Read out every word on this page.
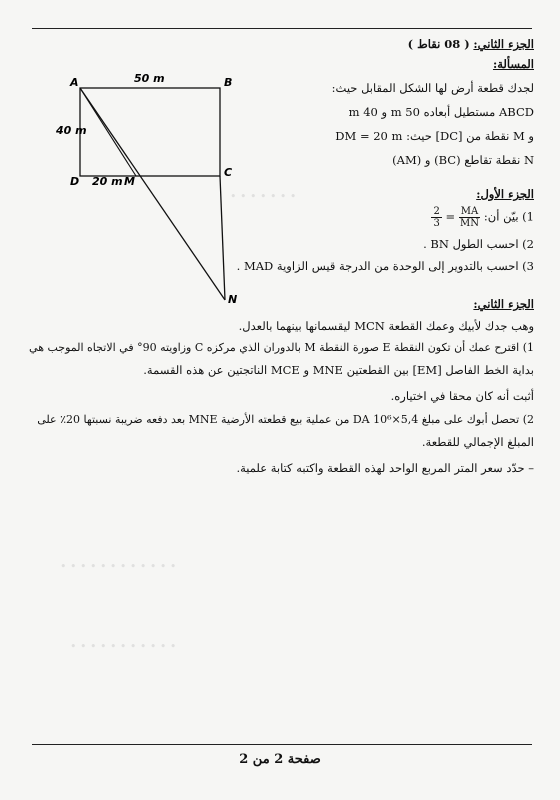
الجزء الثاني: ( 08 نقاط )
المسألة:
لجدك قطعة أرض لها الشكل المقابل حيث:
ABCD مستطيل أبعاده 50 m و 40 m
و M نقطة من [DC] حيث: DM = 20 m
N نقطة تقاطع (BC) و (AM)
• • • • • • •
• • • • • • • • • • • •
• • • • • • • • • • •
A	B
C
D	M
N
50 m
40 m
20 m
الجزء الأول:
1) بيّن أن:
$\frac{MA}{MN}$
=
$\frac{2}{3}$
2) احسب الطول BN .
3) احسب بالتدوير إلى الوحدة من الدرجة قيس الزاوية MAD .
الجزء الثاني:
وهب جدك لأبيك وعمك القطعة MCN ليقسمانها بينهما بالعدل.
1) اقترح عمك أن تكون النقطة E صورة النقطة M بالدوران الذي مركزه C وزاويته 90° في الاتجاه الموجب هي
بداية الخط الفاصل [EM] بين القطعتين MNE و MCE الناتجتين عن هذه القسمة.
أثبت أنه كان محقا في اختياره.
2) تحصل أبوك على مبلغ 5,4×10⁶ DA من عملية بيع قطعته الأرضية MNE بعد دفعه ضريبة نسبتها 20٪ على
المبلغ الإجمالي للقطعة.
– حدّد سعر المتر المربع الواحد لهذه القطعة واكتبه كتابة علمية.
صفحة 2 من 2
